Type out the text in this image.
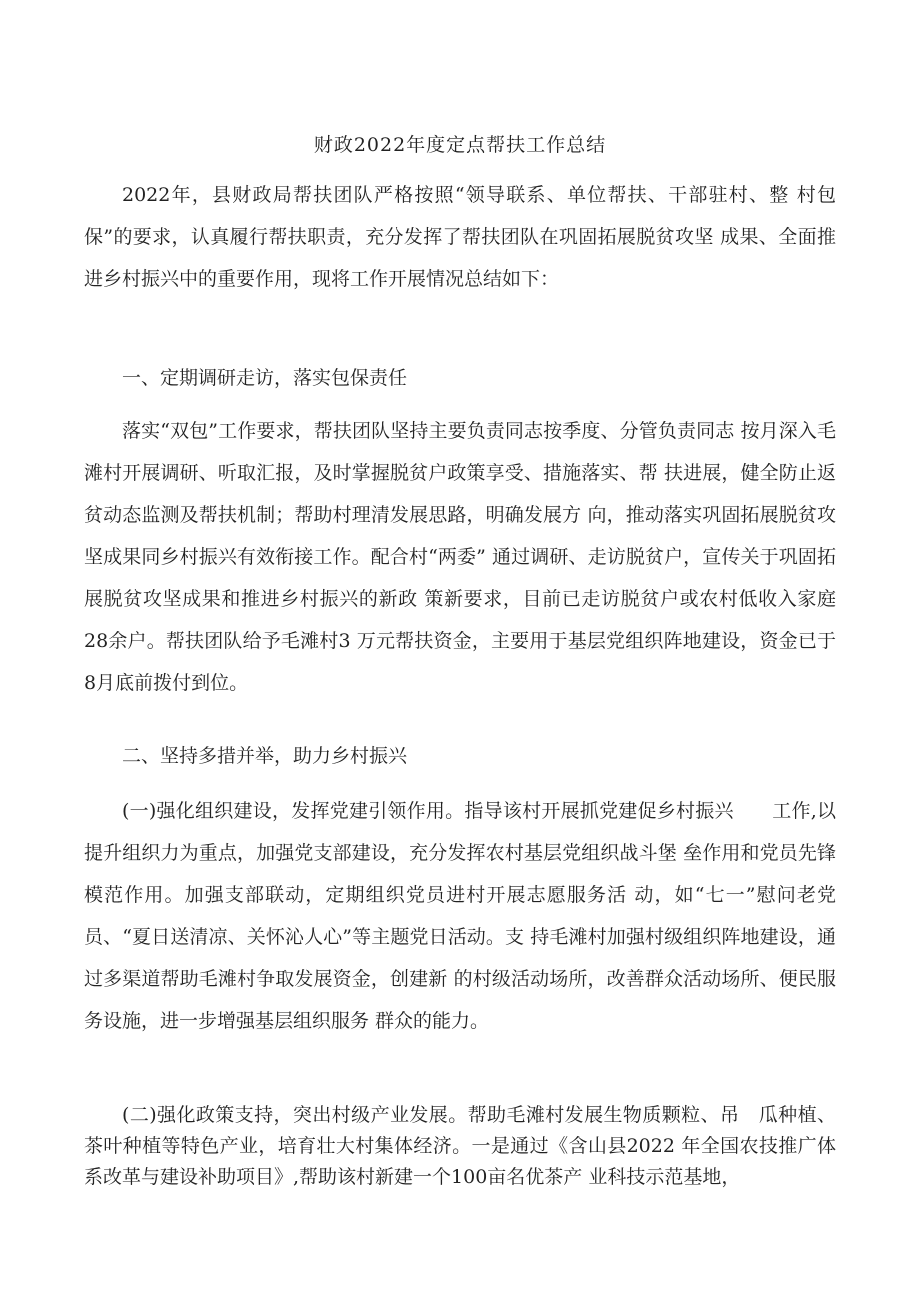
财政2022年度定点帮扶工作总结

2022年，县财政局帮扶团队严格按照“领导联系、单位帮扶、干部驻村、整 村包保”的要求，认真履行帮扶职责，充分发挥了帮扶团队在巩固拓展脱贫攻坚 成果、全面推进乡村振兴中的重要作用，现将工作开展情况总结如下：

一、定期调研走访，落实包保责任

落实“双包”工作要求，帮扶团队坚持主要负责同志按季度、分管负责同志 按月深入毛滩村开展调研、听取汇报，及时掌握脱贫户政策享受、措施落实、帮 扶进展，健全防止返贫动态监测及帮扶机制；帮助村理清发展思路，明确发展方 向，推动落实巩固拓展脱贫攻坚成果同乡村振兴有效衔接工作。配合村“两委” 通过调研、走访脱贫户，宣传关于巩固拓展脱贫攻坚成果和推进乡村振兴的新政 策新要求，目前已走访脱贫户或农村低收入家庭28余户。帮扶团队给予毛滩村3 万元帮扶资金，主要用于基层党组织阵地建设，资金已于8月底前拨付到位。

二、坚持多措并举，助力乡村振兴

(一)强化组织建设，发挥党建引领作用。指导该村开展抓党建促乡村振兴　　工作,以提升组织力为重点，加强党支部建设，充分发挥农村基层党组织战斗堡 垒作用和党员先锋模范作用。加强支部联动，定期组织党员进村开展志愿服务活 动，如“七一”慰问老党员、“夏日送清凉、关怀沁人心”等主题党日活动。支 持毛滩村加强村级组织阵地建设，通过多渠道帮助毛滩村争取发展资金，创建新 的村级活动场所，改善群众活动场所、便民服务设施，进一步增强基层组织服务 群众的能力。

(二)强化政策支持，突出村级产业发展。帮助毛滩村发展生物质颗粒、吊　瓜种植、茶叶种植等特色产业，培育壮大村集体经济。一是通过《含山县2022 年全国农技推广体系改革与建设补助项目》,帮助该村新建一个100亩名优茶产 业科技示范基地，
